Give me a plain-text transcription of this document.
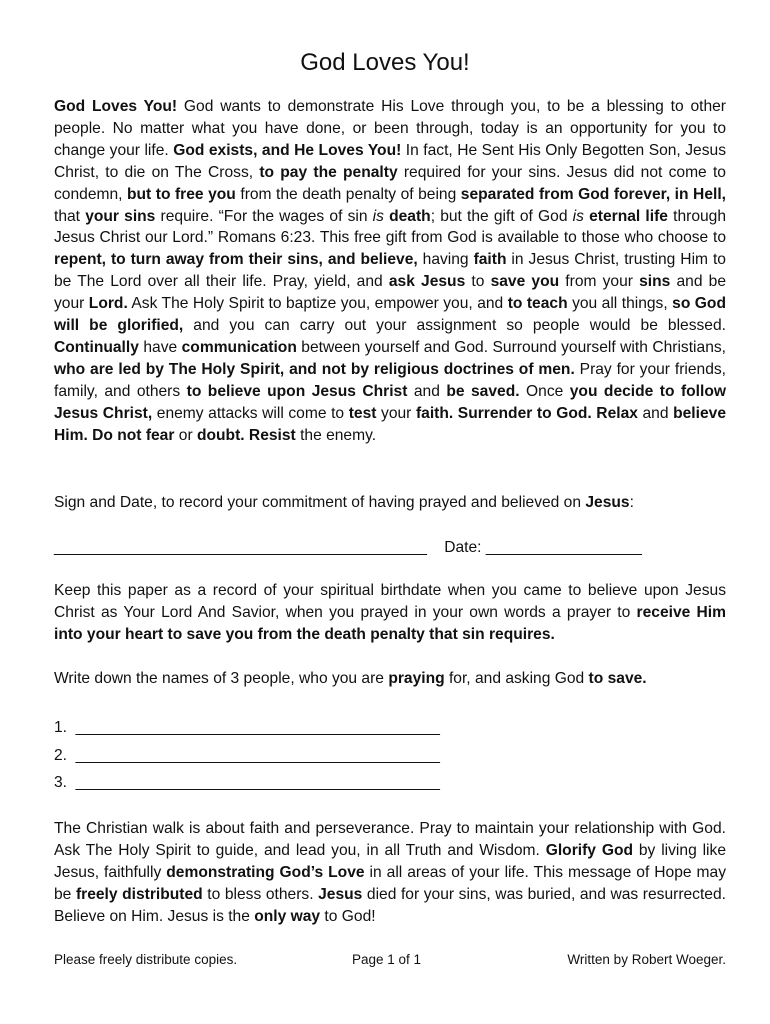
God Loves You!

God Loves You! God wants to demonstrate His Love through you, to be a blessing to other people. No matter what you have done, or been through, today is an opportunity for you to change your life. God exists, and He Loves You! In fact, He Sent His Only Begotten Son, Jesus Christ, to die on The Cross, to pay the penalty required for your sins. Jesus did not come to condemn, but to free you from the death penalty of being separated from God forever, in Hell, that your sins require. “For the wages of sin is death; but the gift of God is eternal life through Jesus Christ our Lord.” Romans 6:23. This free gift from God is available to those who choose to repent, to turn away from their sins, and believe, having faith in Jesus Christ, trusting Him to be The Lord over all their life. Pray, yield, and ask Jesus to save you from your sins and be your Lord. Ask The Holy Spirit to baptize you, empower you, and to teach you all things, so God will be glorified, and you can carry out your assignment so people would be blessed. Continually have communication between yourself and God. Surround yourself with Christians, who are led by The Holy Spirit, and not by religious doctrines of men. Pray for your friends, family, and others to believe upon Jesus Christ and be saved. Once you decide to follow Jesus Christ, enemy attacks will come to test your faith. Surrender to God. Relax and believe Him. Do not fear or doubt. Resist the enemy.

Sign and Date, to record your commitment of having prayed and believed on Jesus:

___________________________________________    Date: __________________

Keep this paper as a record of your spiritual birthdate when you came to believe upon Jesus Christ as Your Lord And Savior, when you prayed in your own words a prayer to receive Him into your heart to save you from the death penalty that sin requires.

Write down the names of 3 people, who you are praying for, and asking God to save.

1.  __________________________________________
2.  __________________________________________
3.  __________________________________________

The Christian walk is about faith and perseverance. Pray to maintain your relationship with God. Ask The Holy Spirit to guide, and lead you, in all Truth and Wisdom. Glorify God by living like Jesus, faithfully demonstrating God’s Love in all areas of your life. This message of Hope may be freely distributed to bless others. Jesus died for your sins, was buried, and was resurrected. Believe on Him. Jesus is the only way to God!

Please freely distribute copies.	Page 1 of 1	Written by Robert Woeger.
